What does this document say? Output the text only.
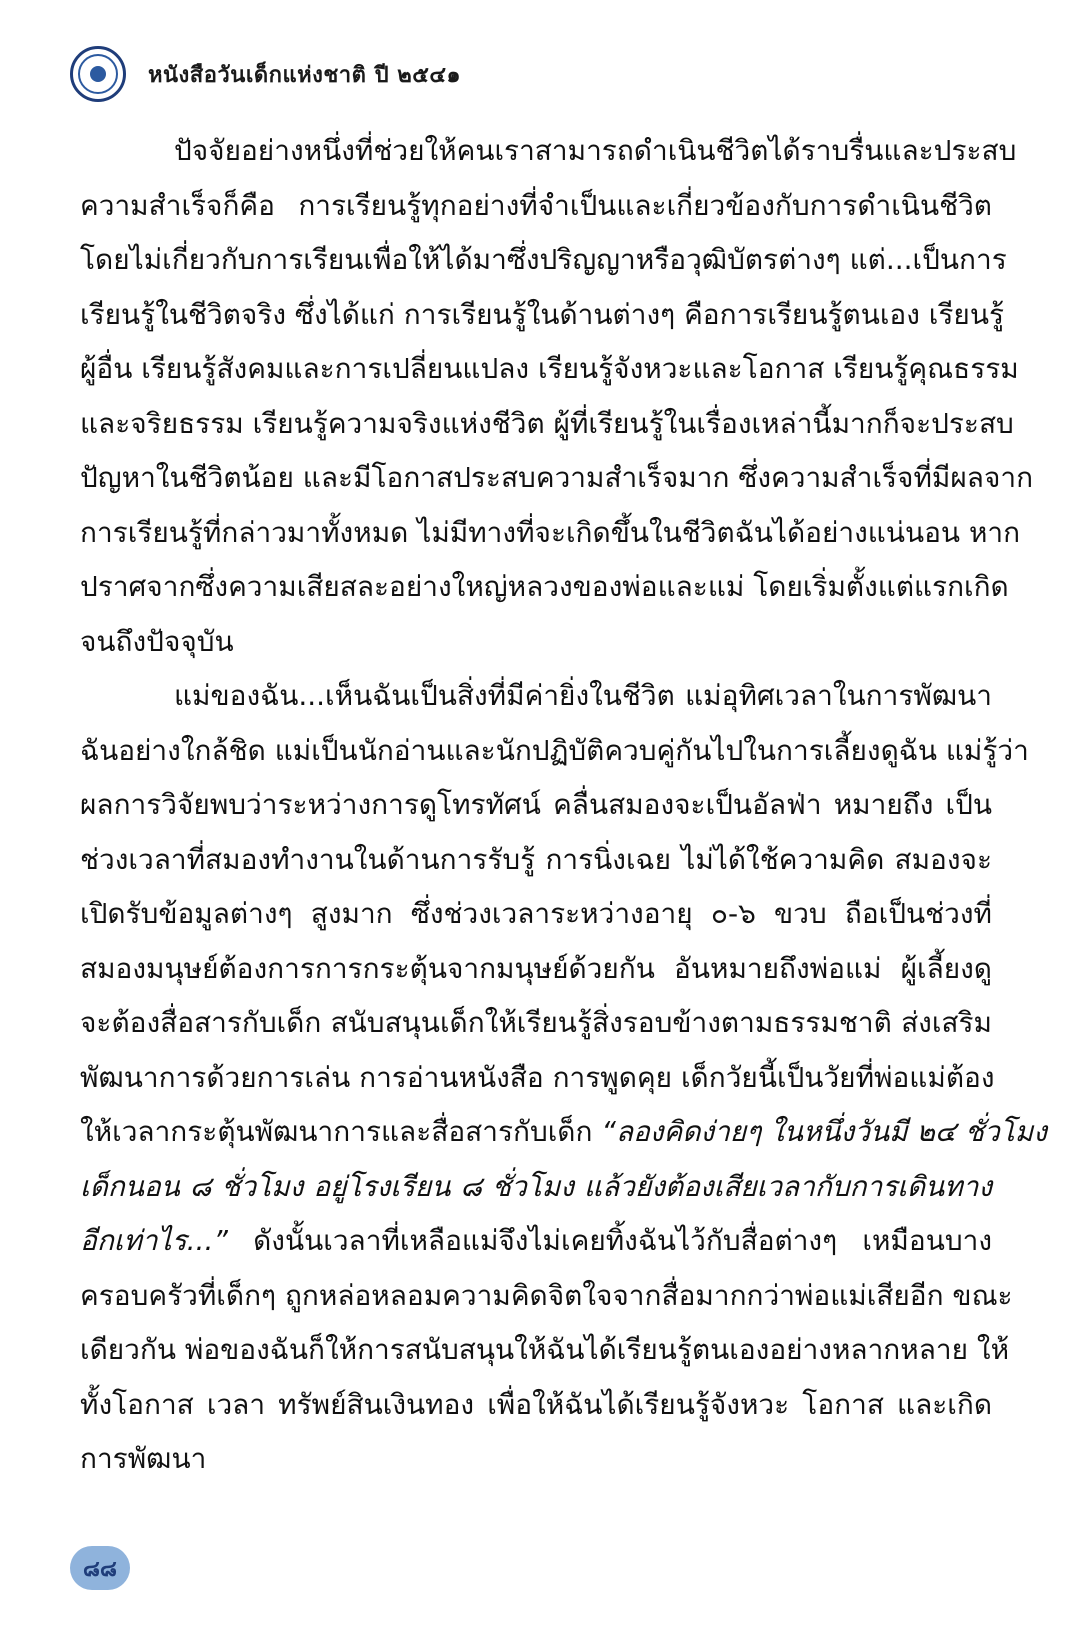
หนังสือวันเด็กแห่งชาติ ปี ๒๕๔๑
ปัจจัยอย่างหนึ่งที่ช่วยให้คนเราสามารถดำเนินชีวิตได้ราบรื่นและประสบ
ความสำเร็จก็คือ การเรียนรู้ทุกอย่างที่จำเป็นและเกี่ยวข้องกับการดำเนินชีวิต
โดยไม่เกี่ยวกับการเรียนเพื่อให้ได้มาซึ่งปริญญาหรือวุฒิบัตรต่างๆ แต่...เป็นการ
เรียนรู้ในชีวิตจริง ซึ่งได้แก่ การเรียนรู้ในด้านต่างๆ คือการเรียนรู้ตนเอง เรียนรู้
ผู้อื่น เรียนรู้สังคมและการเปลี่ยนแปลง เรียนรู้จังหวะและโอกาส เรียนรู้คุณธรรม
และจริยธรรม เรียนรู้ความจริงแห่งชีวิต ผู้ที่เรียนรู้ในเรื่องเหล่านี้มากก็จะประสบ
ปัญหาในชีวิตน้อย และมีโอกาสประสบความสำเร็จมาก ซึ่งความสำเร็จที่มีผลจาก
การเรียนรู้ที่กล่าวมาทั้งหมด ไม่มีทางที่จะเกิดขึ้นในชีวิตฉันได้อย่างแน่นอน หาก
ปราศจากซึ่งความเสียสละอย่างใหญ่หลวงของพ่อและแม่ โดยเริ่มตั้งแต่แรกเกิด
จนถึงปัจจุบัน
แม่ของฉัน...เห็นฉันเป็นสิ่งที่มีค่ายิ่งในชีวิต แม่อุทิศเวลาในการพัฒนา
ฉันอย่างใกล้ชิด แม่เป็นนักอ่านและนักปฏิบัติควบคู่กันไปในการเลี้ยงดูฉัน แม่รู้ว่า
ผลการวิจัยพบว่าระหว่างการดูโทรทัศน์ คลื่นสมองจะเป็นอัลฟ่า หมายถึง เป็น
ช่วงเวลาที่สมองทำงานในด้านการรับรู้ การนิ่งเฉย ไม่ได้ใช้ความคิด สมองจะ
เปิดรับข้อมูลต่างๆ สูงมาก ซึ่งช่วงเวลาระหว่างอายุ ๐-๖ ขวบ ถือเป็นช่วงที่
สมองมนุษย์ต้องการการกระตุ้นจากมนุษย์ด้วยกัน อันหมายถึงพ่อแม่ ผู้เลี้ยงดู
จะต้องสื่อสารกับเด็ก สนับสนุนเด็กให้เรียนรู้สิ่งรอบข้างตามธรรมชาติ ส่งเสริม
พัฒนาการด้วยการเล่น การอ่านหนังสือ การพูดคุย เด็กวัยนี้เป็นวัยที่พ่อแม่ต้อง
ให้เวลากระตุ้นพัฒนาการและสื่อสารกับเด็ก “ลองคิดง่ายๆ ในหนึ่งวันมี ๒๔ ชั่วโมง
เด็กนอน ๘ ชั่วโมง อยู่โรงเรียน ๘ ชั่วโมง แล้วยังต้องเสียเวลากับการเดินทาง
อีกเท่าไร...” ดังนั้นเวลาที่เหลือแม่จึงไม่เคยทิ้งฉันไว้กับสื่อต่างๆ เหมือนบาง
ครอบครัวที่เด็กๆ ถูกหล่อหลอมความคิดจิตใจจากสื่อมากกว่าพ่อแม่เสียอีก ขณะ
เดียวกัน พ่อของฉันก็ให้การสนับสนุนให้ฉันได้เรียนรู้ตนเองอย่างหลากหลาย ให้
ทั้งโอกาส เวลา ทรัพย์สินเงินทอง เพื่อให้ฉันได้เรียนรู้จังหวะ โอกาส และเกิด
การพัฒนา
๘๘
